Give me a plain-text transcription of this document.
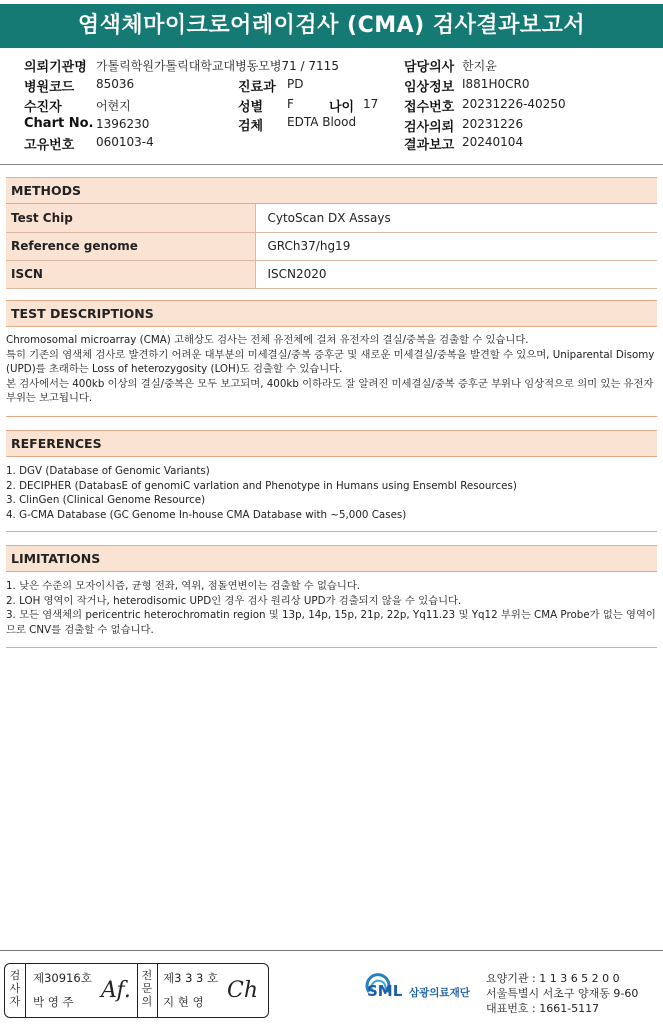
염색체마이크로어레이검사 (CMA) 검사결과보고서
의뢰기관명 가톨릭학원가톨릭대학교대병동모병71 / 7115
병원코드 85036
수진자	어현지
Chart No. 1396230
고유번호 060103-4
진료과 PD
성별 F	나이 17
검체 EDTA Blood
담당의사 한지윤
임상정보 I881H0CR0
접수번호 20231226-40250
검사의뢰 20231226
결과보고 20240104
METHODS
Test Chip	CytoScan DX Assays
Reference genome	GRCh37/hg19
ISCN	ISCN2020
TEST DESCRIPTIONS

Chromosomal microarray (CMA) 고해상도 검사는 전체 유전체에 걸쳐 유전자의 결실/중복을 검출할 수 있습니다.

특히 기존의 염색체 검사로 발견하기 어려운 대부분의 미세결실/중복 증후군 및 새로운 미세결실/중복을 발견할 수 있으며, Uniparental Disomy (UPD)를 초래하는 Loss of heterozygosity (LOH)도 검출할 수 있습니다.

본 검사에서는 400kb 이상의 결실/중복은 모두 보고되며, 400kb 이하라도 잘 알려진 미세결실/중복 증후군 부위나 임상적으로 의미 있는 유전자 부위는 보고됩니다.

REFERENCES

1. DGV (Database of Genomic Variants)

2. DECIPHER (DatabasE of genomiC varIation and Phenotype in Humans using Ensembl Resources)

3. ClinGen (Clinical Genome Resource)

4. G-CMA Database (GC Genome In-house CMA Database with ~5,000 Cases)

LIMITATIONS

1. 낮은 수준의 모자이시즘, 균형 전좌, 역위, 점돌연변이는 검출할 수 없습니다.

2. LOH 영역이 작거나, heterodisomic UPD인 경우 검사 원리상 UPD가 검출되지 않을 수 있습니다.

3. 모든 염색체의 pericentric heterochromatin region 및 13p, 14p, 15p, 21p, 22p, Yq11.23 및 Yq12 부위는 CMA Probe가 없는 영역이므로 CNV를 검출할 수 없습니다.

검
사
자
제30916호
박 영 주 Af.
전
문
의
제3 3 3 호
지 현 영 Ch	SML 삼광의료재단
요양기관 : 1 1 3 6 5 2 0 0
서울특별시 서초구 양재동 9-60
대표번호 : 1661-5117
